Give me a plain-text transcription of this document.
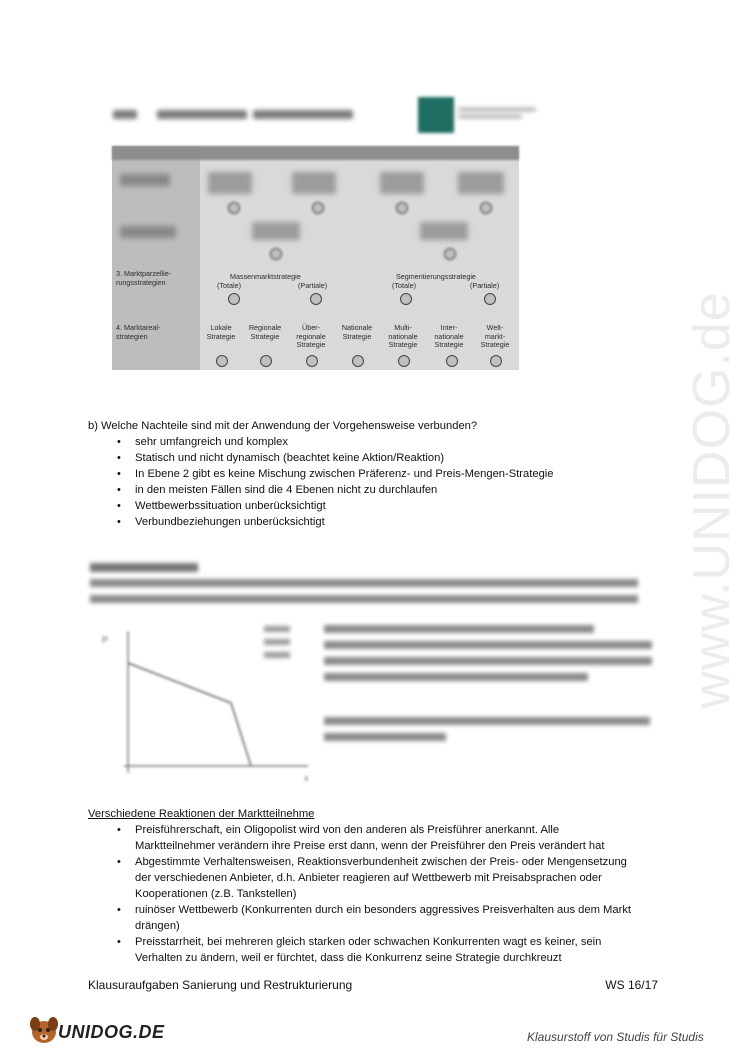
www.UNIDOG.de
3. Marktparzellie-
rungsstrategien
Massenmarktstrategie
(Totale)	(Partiale)
Segmentierungsstrategie
(Totale)	(Partiale)
4. Marktareal-
strategien
Lokale
Strategie
Regionale
Strategie
Über-
regionale
Strategie
Nationale
Strategie
Multi-
nationale
Strategie
Inter-
nationale
Strategie
Welt-
markt-
Strategie
b) Welche Nachteile sind mit der Anwendung der Vorgehensweise verbunden?
• sehr umfangreich und komplex
• Statisch und nicht dynamisch (beachtet keine Aktion/Reaktion)
• In Ebene 2 gibt es keine Mischung zwischen Präferenz- und Preis-Mengen-Strategie
• in den meisten Fällen sind die 4 Ebenen nicht zu durchlaufen
• Wettbewerbssituation unberücksichtigt
• Verbundbeziehungen unberücksichtigt
P
x
Verschiedene Reaktionen der Marktteilnehme
• Preisführerschaft, ein Oligopolist wird von den anderen als Preisführer anerkannt. Alle
Marktteilnehmer verändern ihre Preise erst dann, wenn der Preisführer den Preis verändert hat
• Abgestimmte Verhaltensweisen, Reaktionsverbundenheit zwischen der Preis- oder Mengensetzung
der verschiedenen Anbieter, d.h. Anbieter reagieren auf Wettbewerb mit Preisabsprachen oder
Kooperationen (z.B. Tankstellen)
• ruinöser Wettbewerb (Konkurrenten durch ein besonders aggressives Preisverhalten aus dem Markt
drängen)
• Preisstarrheit, bei mehreren gleich starken oder schwachen Konkurrenten wagt es keiner, sein
Verhalten zu ändern, weil er fürchtet, dass die Konkurrenz seine Strategie durchkreuzt
Klausuraufgaben Sanierung und Restrukturierung	WS 16/17
UNIDOG.DE	Klausurstoff von Studis für Studis
